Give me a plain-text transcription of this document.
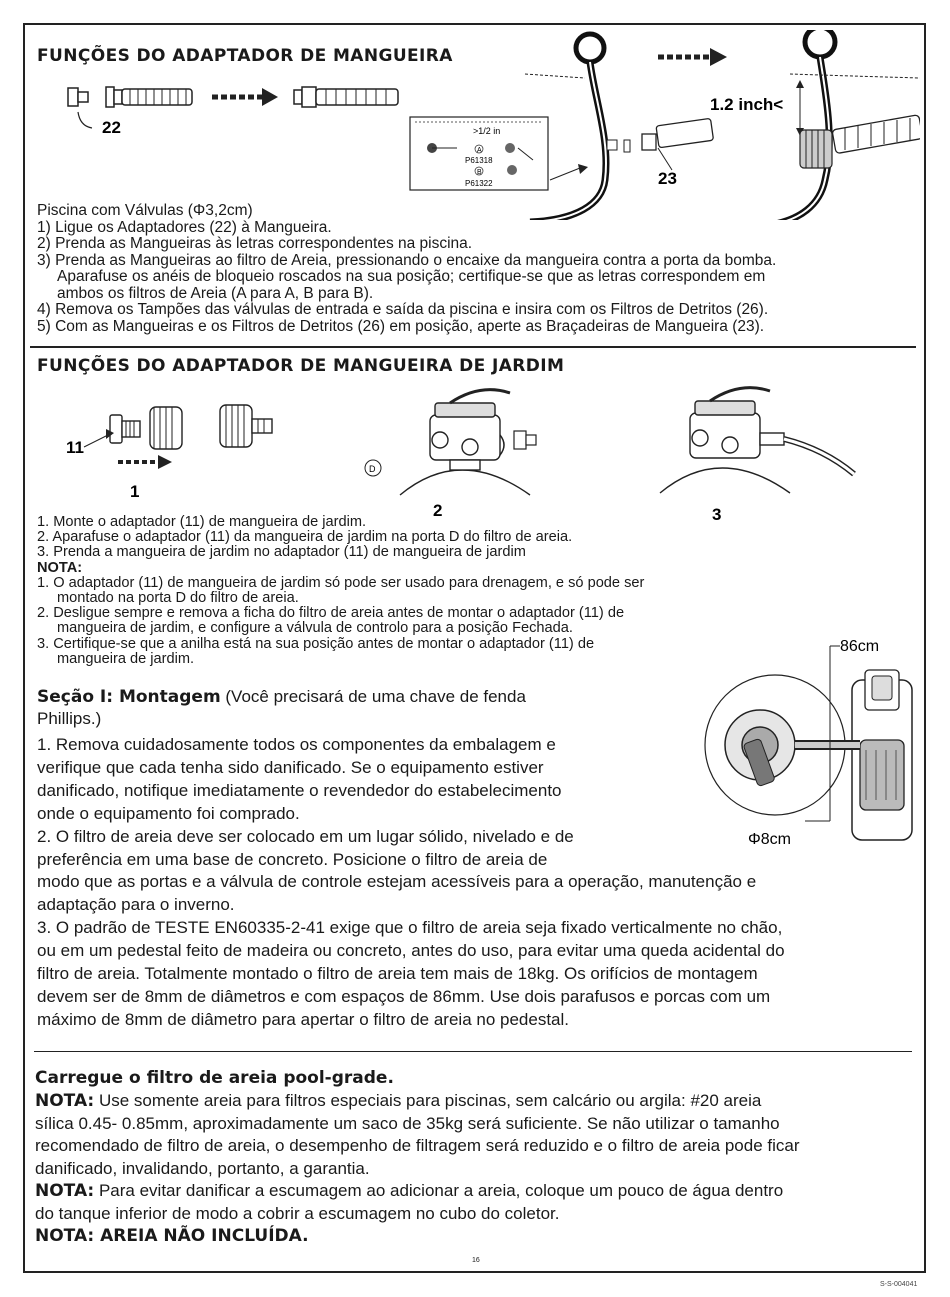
FUNÇÕES DO ADAPTADOR DE MANGUEIRA
22	>1/2 in
A
P61318
B
P61322	23
1.2 inch<
Piscina com Válvulas (Φ3,2cm)
1) Ligue os Adaptadores (22) à Mangueira.
2) Prenda as Mangueiras às letras correspondentes na piscina.
3) Prenda as Mangueiras ao filtro de Areia, pressionando o encaixe da mangueira contra a porta da bomba.
Aparafuse os anéis de bloqueio roscados na sua posição; certifique-se que as letras correspondem em
ambos os filtros de Areia (A para A, B para B).
4) Remova os Tampões das válvulas de entrada e saída da piscina e insira com os Filtros de Detritos (26).
5) Com as Mangueiras e os Filtros de Detritos (26) em posição, aperte as Braçadeiras de Mangueira (23).
FUNÇÕES DO ADAPTADOR DE MANGUEIRA DE JARDIM
11
1
D
2	3
1. Monte o adaptador (11) de mangueira de jardim.
2. Aparafuse o adaptador (11) da mangueira de jardim na porta D do filtro de areia.
3. Prenda a mangueira de jardim no adaptador (11) de mangueira de jardim
NOTA:
1. O adaptador (11) de mangueira de jardim só pode ser usado para drenagem, e só pode ser
montado na porta D do filtro de areia.
2. Desligue sempre e remova a ficha do filtro de areia antes de montar o adaptador (11) de
mangueira de jardim, e configure a válvula de controlo para a posição Fechada.
3. Certifique-se que a anilha está na sua posição antes de montar o adaptador (11) de
mangueira de jardim.
Seção I: Montagem (Você precisará de uma chave de fenda
Phillips.)
1. Remova cuidadosamente todos os componentes da embalagem e
verifique que cada tenha sido danificado. Se o equipamento estiver
danificado, notifique imediatamente o revendedor do estabelecimento
onde o equipamento foi comprado.
2. O filtro de areia deve ser colocado em um lugar sólido, nivelado e de
preferência em uma base de concreto. Posicione o filtro de areia de
86cm
Φ8cm
modo que as portas e a válvula de controle estejam acessíveis para a operação, manutenção e
adaptação para o inverno.
3. O padrão de TESTE EN60335-2-41 exige que o filtro de areia seja fixado verticalmente no chão,
ou em um pedestal feito de madeira ou concreto, antes do uso, para evitar uma queda acidental do
filtro de areia. Totalmente montado o filtro de areia tem mais de 18kg. Os orifícios de montagem
devem ser de 8mm de diâmetros e com espaços de 86mm. Use dois parafusos e porcas com um
máximo de 8mm de diâmetro para apertar o filtro de areia no pedestal.
Carregue o filtro de areia pool-grade.
NOTA: Use somente areia para filtros especiais para piscinas, sem calcário ou argila: #20 areia
sílica 0.45- 0.85mm, aproximadamente um saco de 35kg será suficiente. Se não utilizar o tamanho
recomendado de filtro de areia, o desempenho de filtragem será reduzido e o filtro de areia pode ficar
danificado, invalidando, portanto, a garantia.
NOTA: Para evitar danificar a escumagem ao adicionar a areia, coloque um pouco de água dentro
do tanque inferior de modo a cobrir a escumagem no cubo do coletor.
NOTA: AREIA NÃO INCLUÍDA.
16
S-S-004041
